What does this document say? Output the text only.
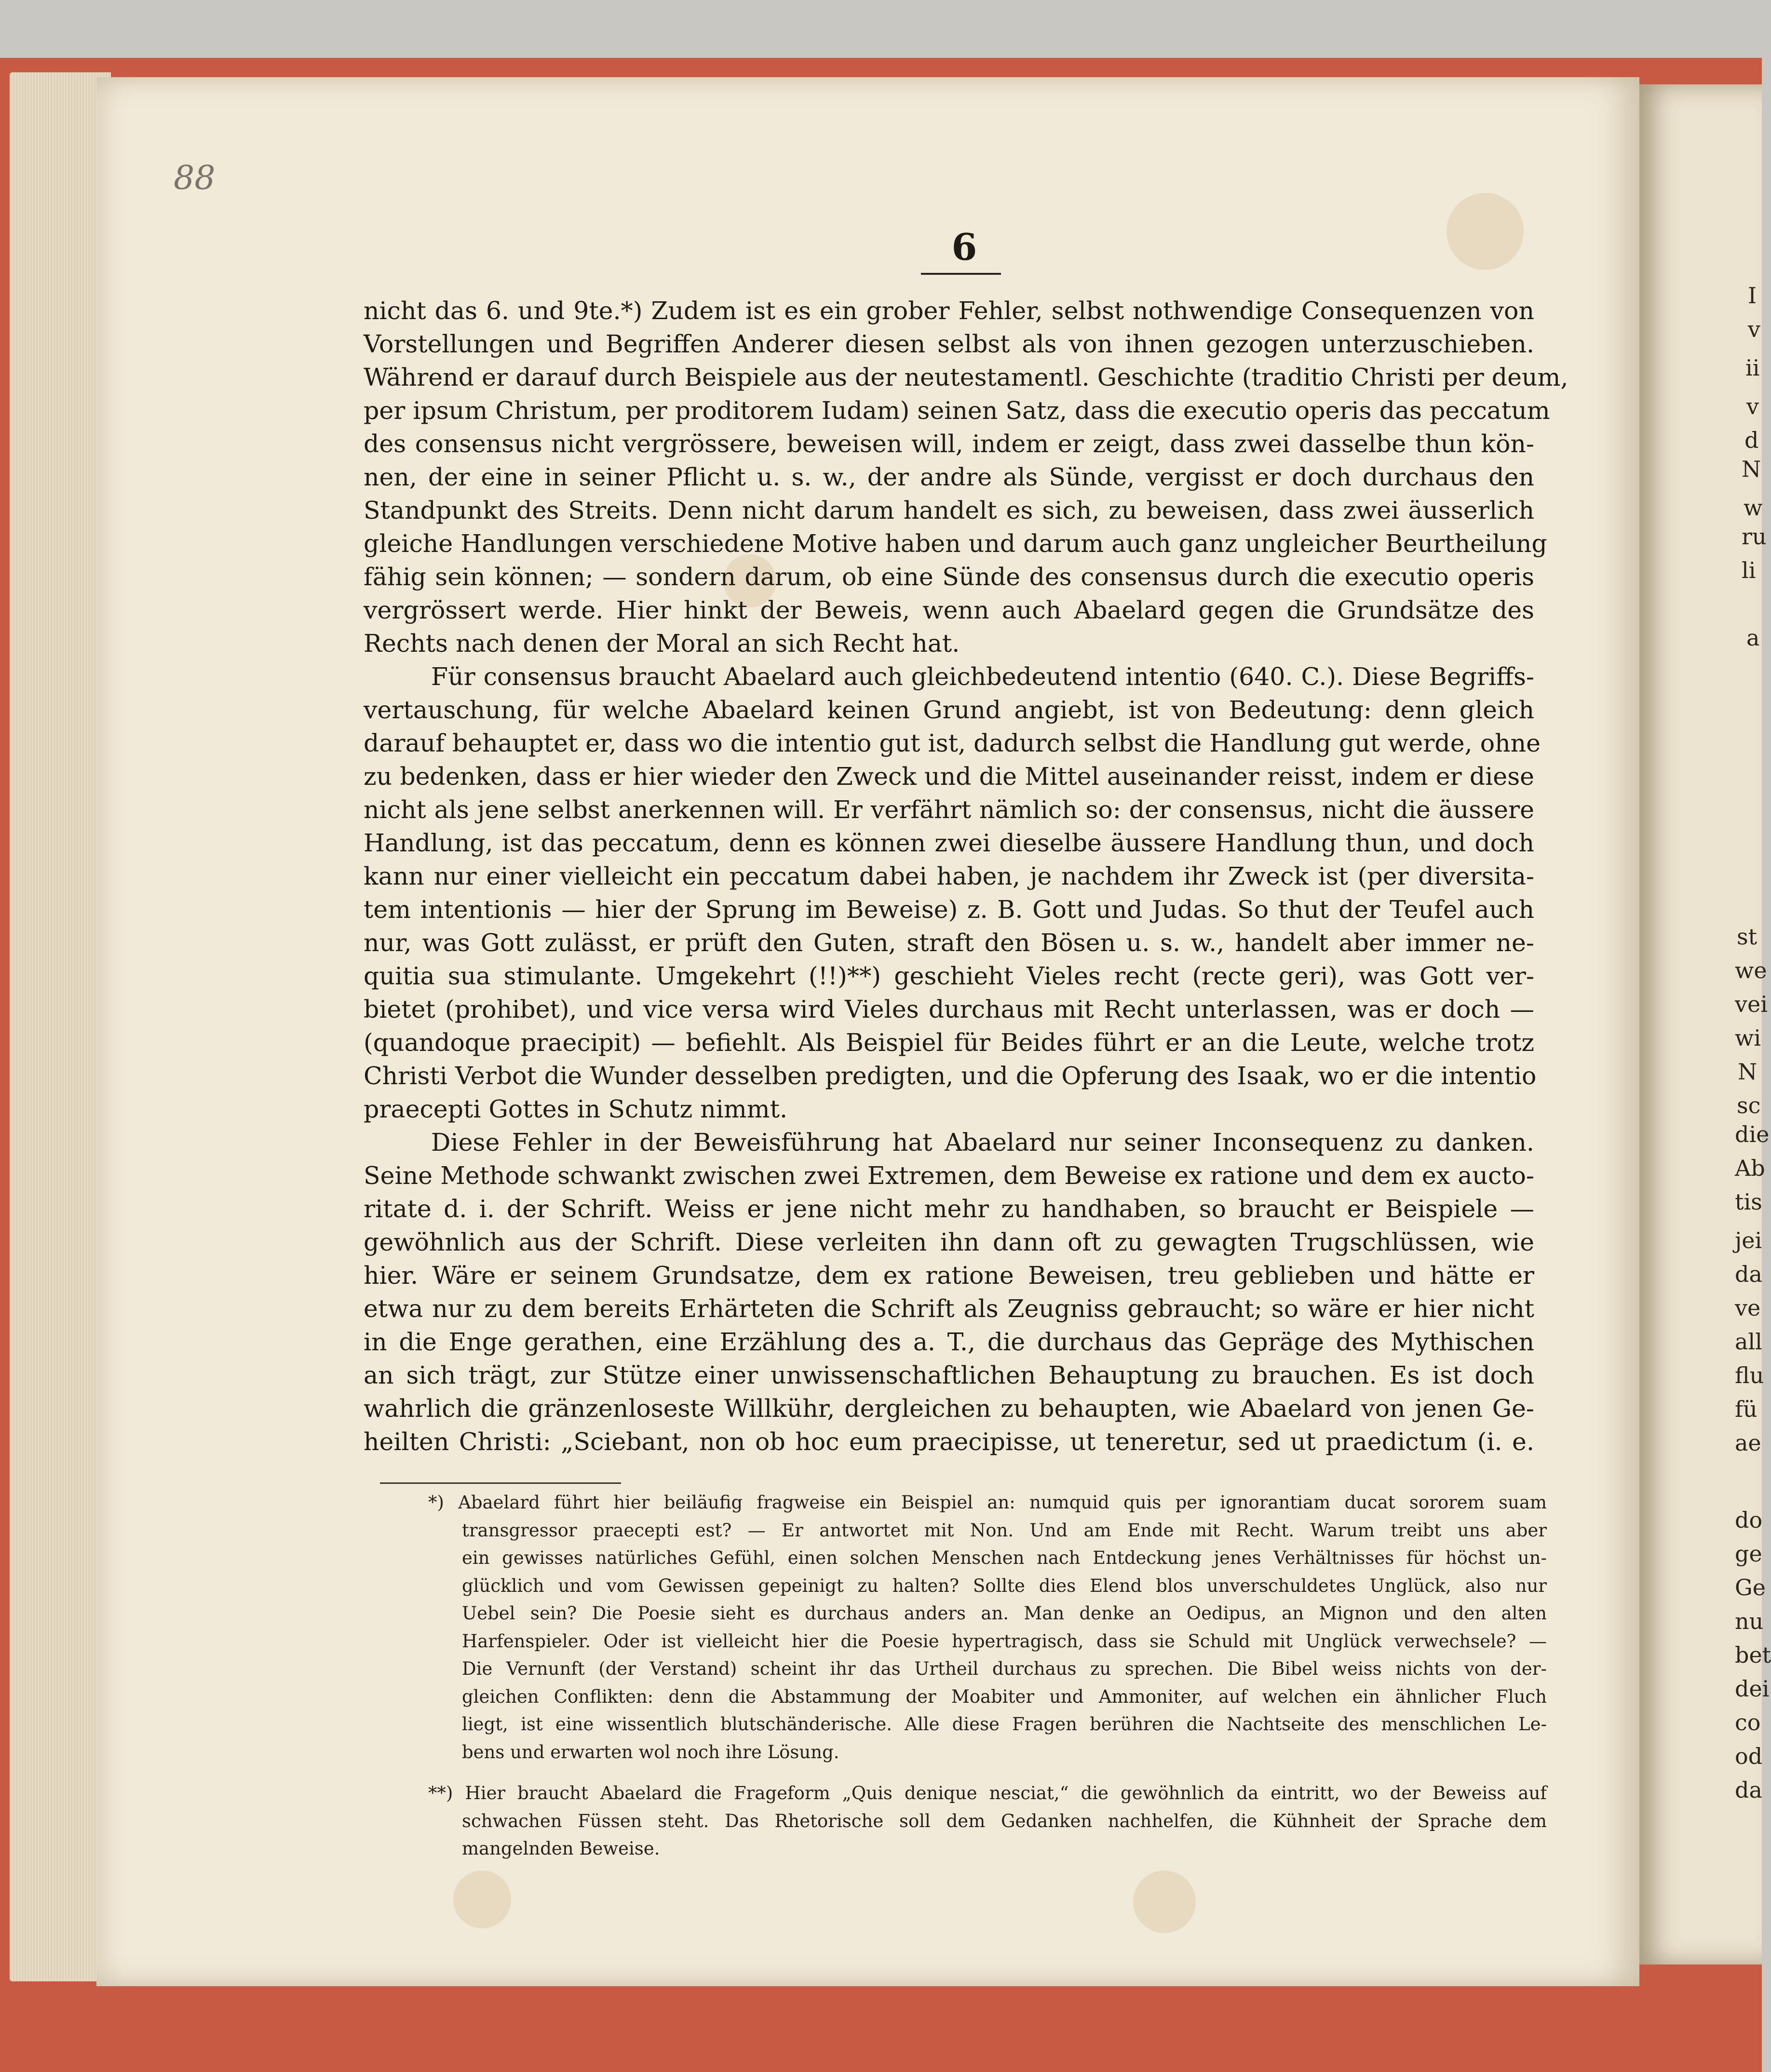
I
v
ii
v
d
N
w
ru
li
a
st
we
vei
wi
N
sc
die
Ab
tis
jei
da
ve
all
flu
fü
ae
do
ge
Ge
nu
bet
dei
co
od
da
88
6
nicht das 6. und 9te.*) Zudem ist es ein grober Fehler, selbst nothwendige Consequenzen von
Vorstellungen und Begriffen Anderer diesen selbst als von ihnen gezogen unterzuschieben.
Während er darauf durch Beispiele aus der neutestamentl. Geschichte (traditio Christi per deum,
per ipsum Christum, per proditorem Iudam) seinen Satz, dass die executio operis das peccatum
des consensus nicht vergrössere, beweisen will, indem er zeigt, dass zwei dasselbe thun kön-
nen, der eine in seiner Pflicht u. s. w., der andre als Sünde, vergisst er doch durchaus den
Standpunkt des Streits. Denn nicht darum handelt es sich, zu beweisen, dass zwei äusserlich
gleiche Handlungen verschiedene Motive haben und darum auch ganz ungleicher Beurtheilung
fähig sein können; — sondern darum, ob eine Sünde des consensus durch die executio operis
vergrössert werde. Hier hinkt der Beweis, wenn auch Abaelard gegen die Grundsätze des
Rechts nach denen der Moral an sich Recht hat.
Für consensus braucht Abaelard auch gleichbedeutend intentio (640. C.). Diese Begriffs-
vertauschung, für welche Abaelard keinen Grund angiebt, ist von Bedeutung: denn gleich
darauf behauptet er, dass wo die intentio gut ist, dadurch selbst die Handlung gut werde, ohne
zu bedenken, dass er hier wieder den Zweck und die Mittel auseinander reisst, indem er diese
nicht als jene selbst anerkennen will. Er verfährt nämlich so: der consensus, nicht die äussere
Handlung, ist das peccatum, denn es können zwei dieselbe äussere Handlung thun, und doch
kann nur einer vielleicht ein peccatum dabei haben, je nachdem ihr Zweck ist (per diversita-
tem intentionis — hier der Sprung im Beweise) z. B. Gott und Judas. So thut der Teufel auch
nur, was Gott zulässt, er prüft den Guten, straft den Bösen u. s. w., handelt aber immer ne-
quitia sua stimulante. Umgekehrt (!!)**) geschieht Vieles recht (recte geri), was Gott ver-
bietet (prohibet), und vice versa wird Vieles durchaus mit Recht unterlassen, was er doch —
(quandoque praecipit) — befiehlt. Als Beispiel für Beides führt er an die Leute, welche trotz
Christi Verbot die Wunder desselben predigten, und die Opferung des Isaak, wo er die intentio
praecepti Gottes in Schutz nimmt.
Diese Fehler in der Beweisführung hat Abaelard nur seiner Inconsequenz zu danken.
Seine Methode schwankt zwischen zwei Extremen, dem Beweise ex ratione und dem ex aucto-
ritate d. i. der Schrift. Weiss er jene nicht mehr zu handhaben, so braucht er Beispiele —
gewöhnlich aus der Schrift. Diese verleiten ihn dann oft zu gewagten Trugschlüssen, wie
hier. Wäre er seinem Grundsatze, dem ex ratione Beweisen, treu geblieben und hätte er
etwa nur zu dem bereits Erhärteten die Schrift als Zeugniss gebraucht; so wäre er hier nicht
in die Enge gerathen, eine Erzählung des a. T., die durchaus das Gepräge des Mythischen
an sich trägt, zur Stütze einer unwissenschaftlichen Behauptung zu brauchen. Es ist doch
wahrlich die gränzenloseste Willkühr, dergleichen zu behaupten, wie Abaelard von jenen Ge-
heilten Christi: „Sciebant, non ob hoc eum praecipisse, ut teneretur, sed ut praedictum (i. e.
*) Abaelard führt hier beiläufig fragweise ein Beispiel an: numquid quis per ignorantiam ducat sororem suam
transgressor praecepti est? — Er antwortet mit Non. Und am Ende mit Recht. Warum treibt uns aber
ein gewisses natürliches Gefühl, einen solchen Menschen nach Entdeckung jenes Verhältnisses für höchst un-
glücklich und vom Gewissen gepeinigt zu halten? Sollte dies Elend blos unverschuldetes Unglück, also nur
Uebel sein? Die Poesie sieht es durchaus anders an. Man denke an Oedipus, an Mignon und den alten
Harfenspieler. Oder ist vielleicht hier die Poesie hypertragisch, dass sie Schuld mit Unglück verwechsele? —
Die Vernunft (der Verstand) scheint ihr das Urtheil durchaus zu sprechen. Die Bibel weiss nichts von der-
gleichen Conflikten: denn die Abstammung der Moabiter und Ammoniter, auf welchen ein ähnlicher Fluch
liegt, ist eine wissentlich blutschänderische. Alle diese Fragen berühren die Nachtseite des menschlichen Le-
bens und erwarten wol noch ihre Lösung.
**) Hier braucht Abaelard die Frageform „Quis denique nesciat,“ die gewöhnlich da eintritt, wo der Beweiss auf
schwachen Füssen steht. Das Rhetorische soll dem Gedanken nachhelfen, die Kühnheit der Sprache dem
mangelnden Beweise.
